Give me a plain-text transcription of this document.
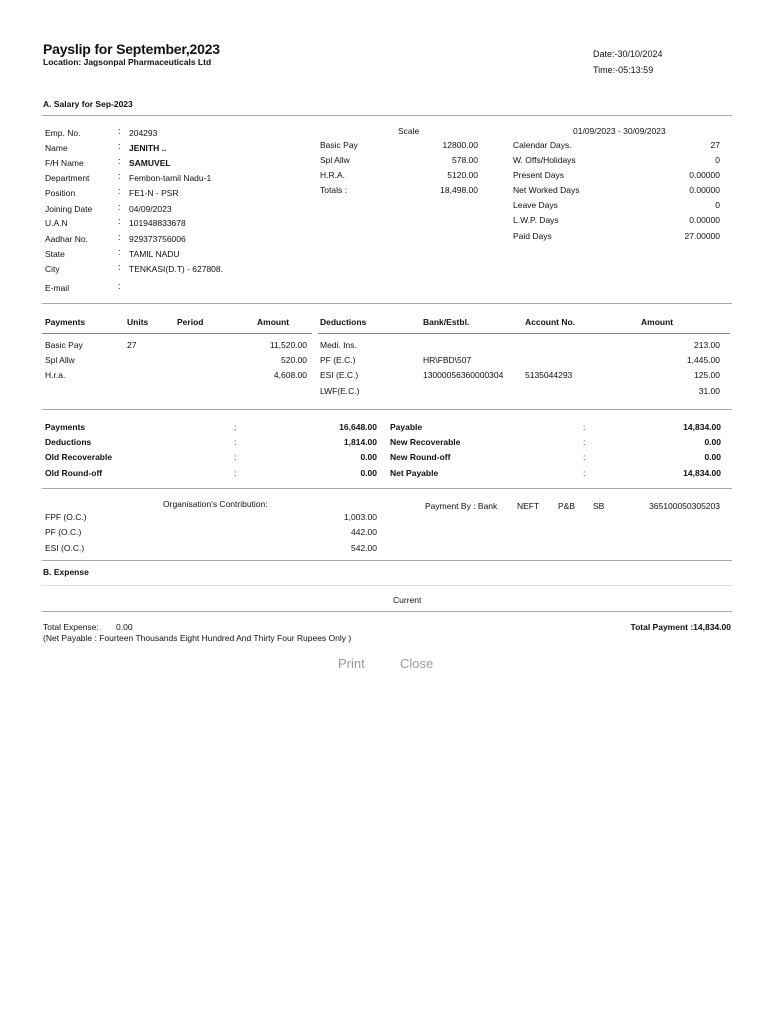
Payslip for September,2023
Location: Jagsonpal Pharmaceuticals Ltd
Date:-30/10/2024
Time:-05:13:59
A. Salary for Sep-2023
Emp. No.	: 204293
Name	: JENITH ..
F/H Name	: SAMUVEL
Department	: Fembon-tamil Nadu-1
Position	: FE1-N - PSR
Joining Date	: 04/09/2023
U.A.N	: 101948833678
Aadhar No.	: 929373756006
State	: TAMIL NADU
City	: TENKASI(D.T) - 627808.
E-mail	:
Scale
Basic Pay	12800.00
Spl Allw	578.00
H.R.A.	5120.00
Totals :	18,498.00
01/09/2023 - 30/09/2023
Calendar Days.	27
W. Offs/Holidays	0
Present Days	0.00000
Net Worked Days	0.00000
Leave Days	0
L.W.P. Days	0.00000
Paid Days	27.00000
Payments	Units	Period	Amount	Deductions	Bank/Estbl.	Account No.	Amount
Basic Pay	27	11,520.00
Spl Allw	520.00
H.r.a.	4,608.00
Medi. Ins.	213.00
PF (E.C.)	HR\FBD\507	1,445.00
ESI (E.C.)	13000056360000304	5135044293	125.00
LWF(E.C.)	31.00
Payments	:	16,648.00
Deductions	:	1,814.00
Old Recoverable	:	0.00
Old Round-off	:	0.00
Payable	:	14,834.00
New Recoverable	:	0.00
New Round-off	:	0.00
Net Payable	:	14,834.00
Organisation's Contribution:
FPF (O.C.)	1,003.00
PF (O.C.)	442.00
ESI (O.C.)	542.00
Payment By : Bank NEFT P&B SB	365100050305203
B. Expense
Current
Total Expense: 0.00	Total Payment :14,834.00
(Net Payable : Fourteen Thousands Eight Hundred And Thirty Four Rupees Only )
Print	Close
